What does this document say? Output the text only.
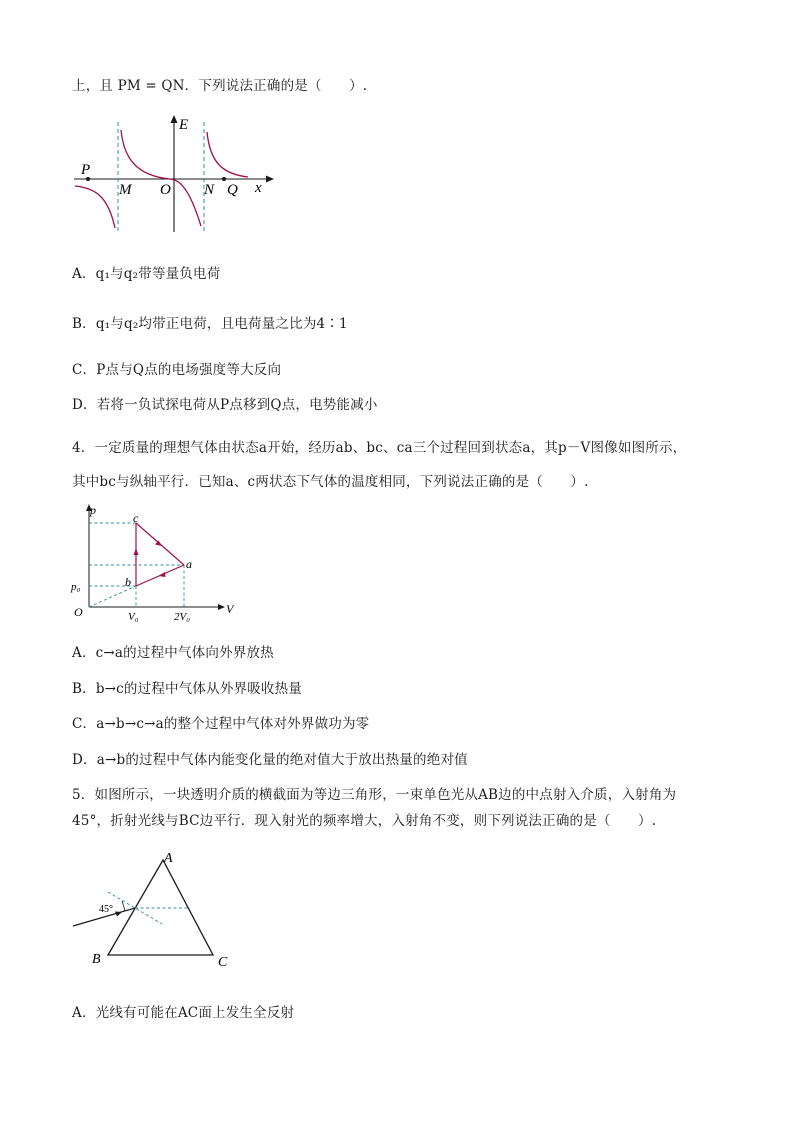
上，且 PM = QN．下列说法正确的是（　　）.
E
P
M O N Q x
A．q₁与q₂带等量负电荷
B．q₁与q₂均带正电荷，且电荷量之比为4∶1
C．P点与Q点的电场强度等大反向
D．若将一负试探电荷从P点移到Q点，电势能减小
4．一定质量的理想气体由状态a开始，经历ab、bc、ca三个过程回到状态a，其p－V图像如图所示，
其中bc与纵轴平行．已知a、c两状态下气体的温度相同，下列说法正确的是（　　）.
p
O	V
c
a
b
p₀
V₀	2V₀
A．c→a的过程中气体向外界放热
B．b→c的过程中气体从外界吸收热量
C．a→b→c→a的整个过程中气体对外界做功为零
D．a→b的过程中气体内能变化量的绝对值大于放出热量的绝对值
5．如图所示，一块透明介质的横截面为等边三角形，一束单色光从AB边的中点射入介质，入射角为
45°，折射光线与BC边平行．现入射光的频率增大，入射角不变，则下列说法正确的是（　　）.
A
B	C
45°
A．光线有可能在AC面上发生全反射
